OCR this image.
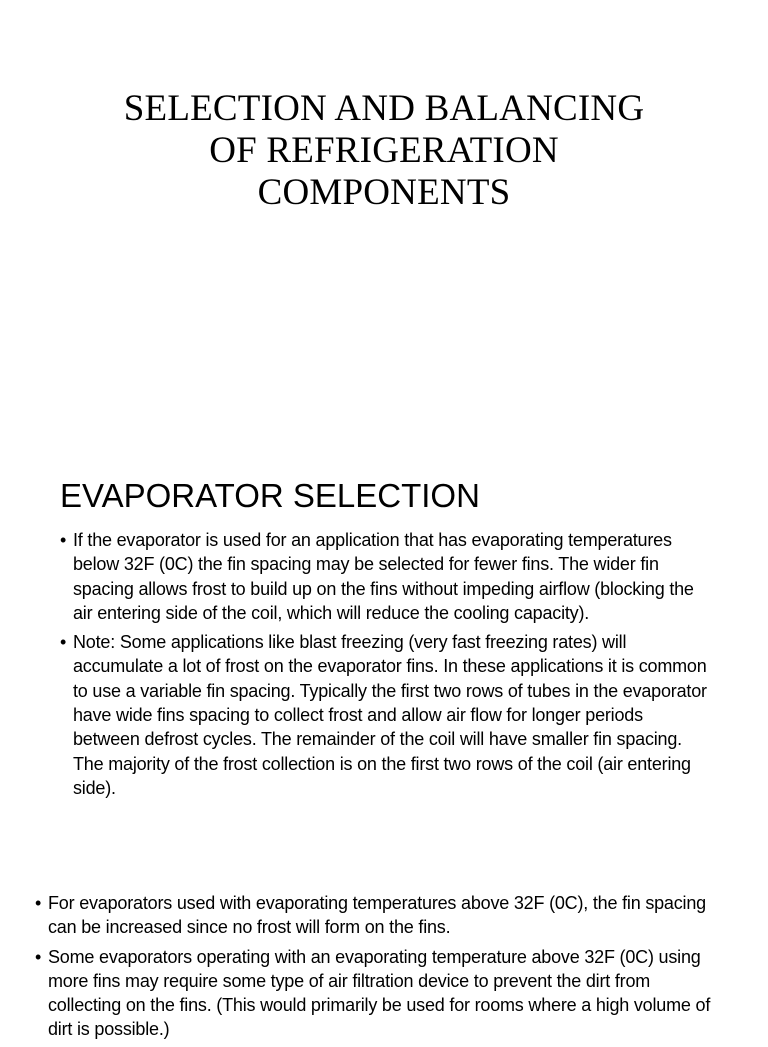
SELECTION AND BALANCING
OF REFRIGERATION
COMPONENTS
EVAPORATOR SELECTION
• If the evaporator is used for an application that has evaporating temperatures below 32F (0C) the fin spacing may be selected for fewer fins. The wider fin spacing allows frost to build up on the fins without impeding airflow (blocking the air entering side of the coil, which will reduce the cooling capacity).
• Note: Some applications like blast freezing (very fast freezing rates) will accumulate a lot of frost on the evaporator fins. In these applications it is common to use a variable fin spacing. Typically the first two rows of tubes in the evaporator have wide fins spacing to collect frost and allow air flow for longer periods between defrost cycles. The remainder of the coil will have smaller fin spacing. The majority of the frost collection is on the first two rows of the coil (air entering side).
• For evaporators used with evaporating temperatures above 32F (0C), the fin spacing can be increased since no frost will form on the fins.
• Some evaporators operating with an evaporating temperature above 32F (0C) using more fins may require some type of air filtration device to prevent the dirt from collecting on the fins. (This would primarily be used for rooms where a high volume of dirt is possible.)
